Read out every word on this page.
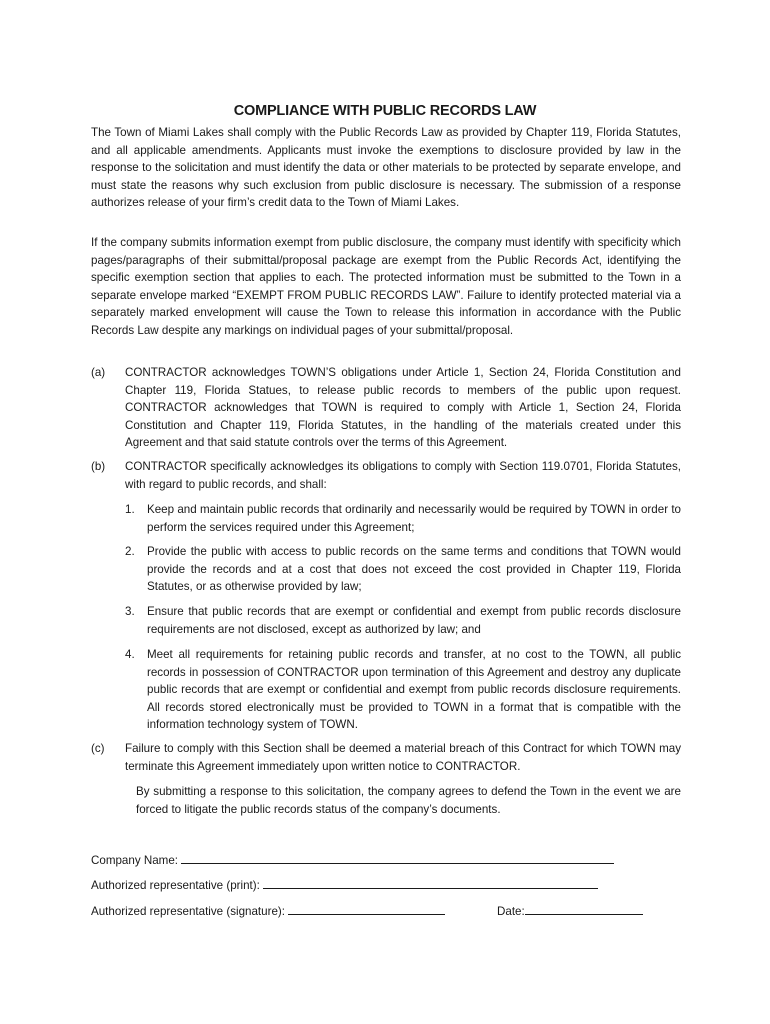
COMPLIANCE WITH PUBLIC RECORDS LAW
The Town of Miami Lakes shall comply with the Public Records Law as provided by Chapter 119, Florida Statutes, and all applicable amendments. Applicants must invoke the exemptions to disclosure provided by law in the response to the solicitation and must identify the data or other materials to be protected by separate envelope, and must state the reasons why such exclusion from public disclosure is necessary. The submission of a response authorizes release of your firm’s credit data to the Town of Miami Lakes.
If the company submits information exempt from public disclosure, the company must identify with specificity which pages/paragraphs of their submittal/proposal package are exempt from the Public Records Act, identifying the specific exemption section that applies to each. The protected information must be submitted to the Town in a separate envelope marked “EXEMPT FROM PUBLIC RECORDS LAW”. Failure to identify protected material via a separately marked envelopment will cause the Town to release this information in accordance with the Public Records Law despite any markings on individual pages of your submittal/proposal.
(a) CONTRACTOR acknowledges TOWN’S obligations under Article 1, Section 24, Florida Constitution and Chapter 119, Florida Statues, to release public records to members of the public upon request. CONTRACTOR acknowledges that TOWN is required to comply with Article 1, Section 24, Florida Constitution and Chapter 119, Florida Statutes, in the handling of the materials created under this Agreement and that said statute controls over the terms of this Agreement.
(b) CONTRACTOR specifically acknowledges its obligations to comply with Section 119.0701, Florida Statutes, with regard to public records, and shall:
1. Keep and maintain public records that ordinarily and necessarily would be required by TOWN in order to perform the services required under this Agreement;
2. Provide the public with access to public records on the same terms and conditions that TOWN would provide the records and at a cost that does not exceed the cost provided in Chapter 119, Florida Statutes, or as otherwise provided by law;
3. Ensure that public records that are exempt or confidential and exempt from public records disclosure requirements are not disclosed, except as authorized by law; and
4. Meet all requirements for retaining public records and transfer, at no cost to the TOWN, all public records in possession of CONTRACTOR upon termination of this Agreement and destroy any duplicate public records that are exempt or confidential and exempt from public records disclosure requirements. All records stored electronically must be provided to TOWN in a format that is compatible with the information technology system of TOWN.
(c) Failure to comply with this Section shall be deemed a material breach of this Contract for which TOWN may terminate this Agreement immediately upon written notice to CONTRACTOR.
By submitting a response to this solicitation, the company agrees to defend the Town in the event we are forced to litigate the public records status of the company’s documents.
Company Name:
Authorized representative (print):
Authorized representative (signature):	Date:
